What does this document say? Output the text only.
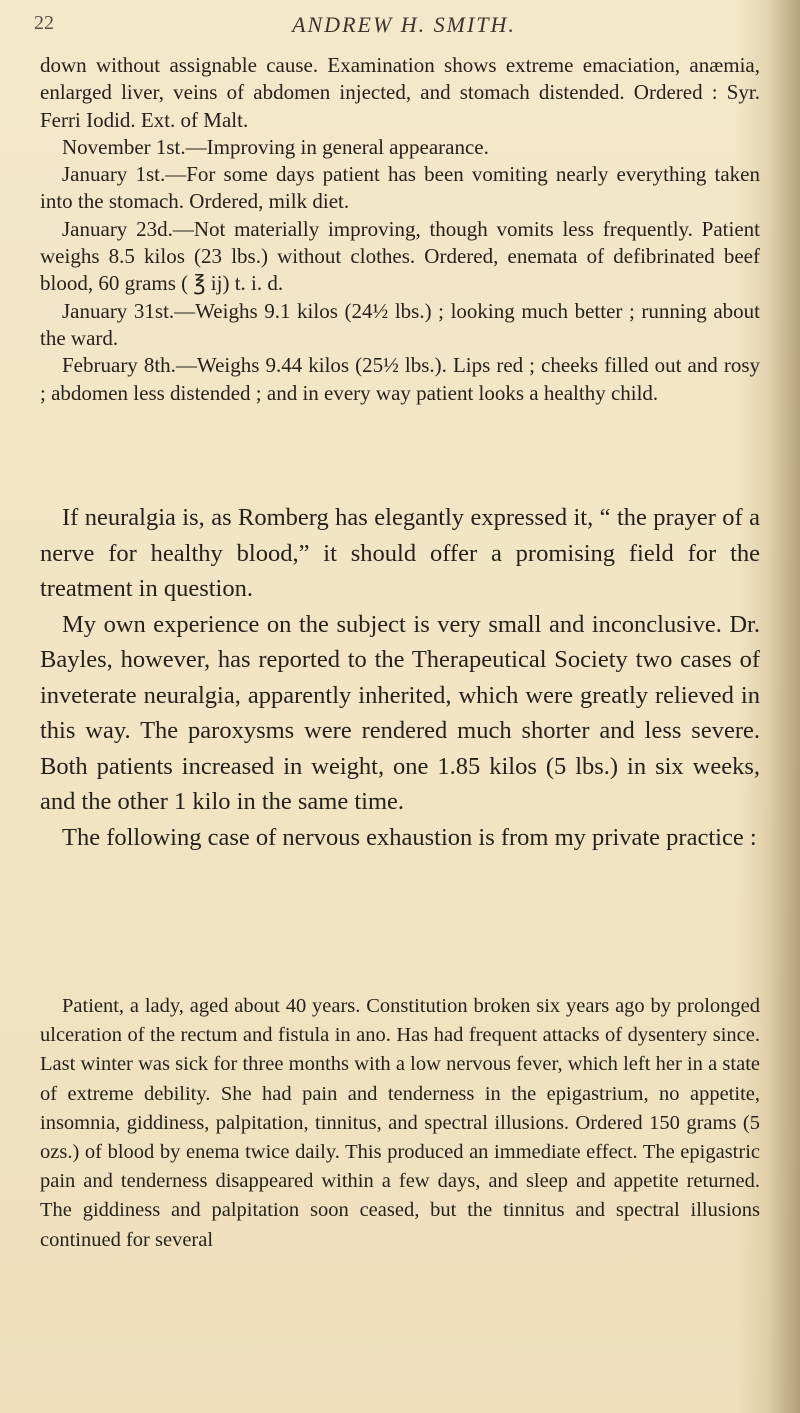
22	ANDREW H. SMITH.

down without assignable cause. Examination shows extreme emaciation, anæmia, enlarged liver, veins of abdomen injected, and stomach distended. Ordered : Syr. Ferri Iodid. Ext. of Malt.

November 1st.—Improving in general appearance.

January 1st.—For some days patient has been vomiting nearly everything taken into the stomach. Ordered, milk diet.

January 23d.—Not materially improving, though vomits less frequently. Patient weighs 8.5 kilos (23 lbs.) without clothes. Ordered, enemata of defibrinated beef blood, 60 grams ( ℥ ij) t. i. d.

January 31st.—Weighs 9.1 kilos (24½ lbs.) ; looking much better ; running about the ward.

February 8th.—Weighs 9.44 kilos (25½ lbs.). Lips red ; cheeks filled out and rosy ; abdomen less distended ; and in every way patient looks a healthy child.

If neuralgia is, as Romberg has elegantly expressed it, “ the prayer of a nerve for healthy blood,” it should offer a promising field for the treatment in question.

My own experience on the subject is very small and inconclusive. Dr. Bayles, however, has reported to the Therapeutical Society two cases of inveterate neuralgia, apparently inherited, which were greatly relieved in this way. The paroxysms were rendered much shorter and less severe. Both patients increased in weight, one 1.85 kilos (5 lbs.) in six weeks, and the other 1 kilo in the same time.

The following case of nervous exhaustion is from my private practice :

Patient, a lady, aged about 40 years. Constitution broken six years ago by prolonged ulceration of the rectum and fistula in ano. Has had frequent attacks of dysentery since. Last winter was sick for three months with a low nervous fever, which left her in a state of extreme debility. She had pain and tenderness in the epigastrium, no appetite, insomnia, giddiness, palpitation, tinnitus, and spectral illusions. Ordered 150 grams (5 ozs.) of blood by enema twice daily. This produced an immediate effect. The epigastric pain and tenderness disappeared within a few days, and sleep and appetite returned. The giddiness and palpitation soon ceased, but the tinnitus and spectral illusions continued for several
